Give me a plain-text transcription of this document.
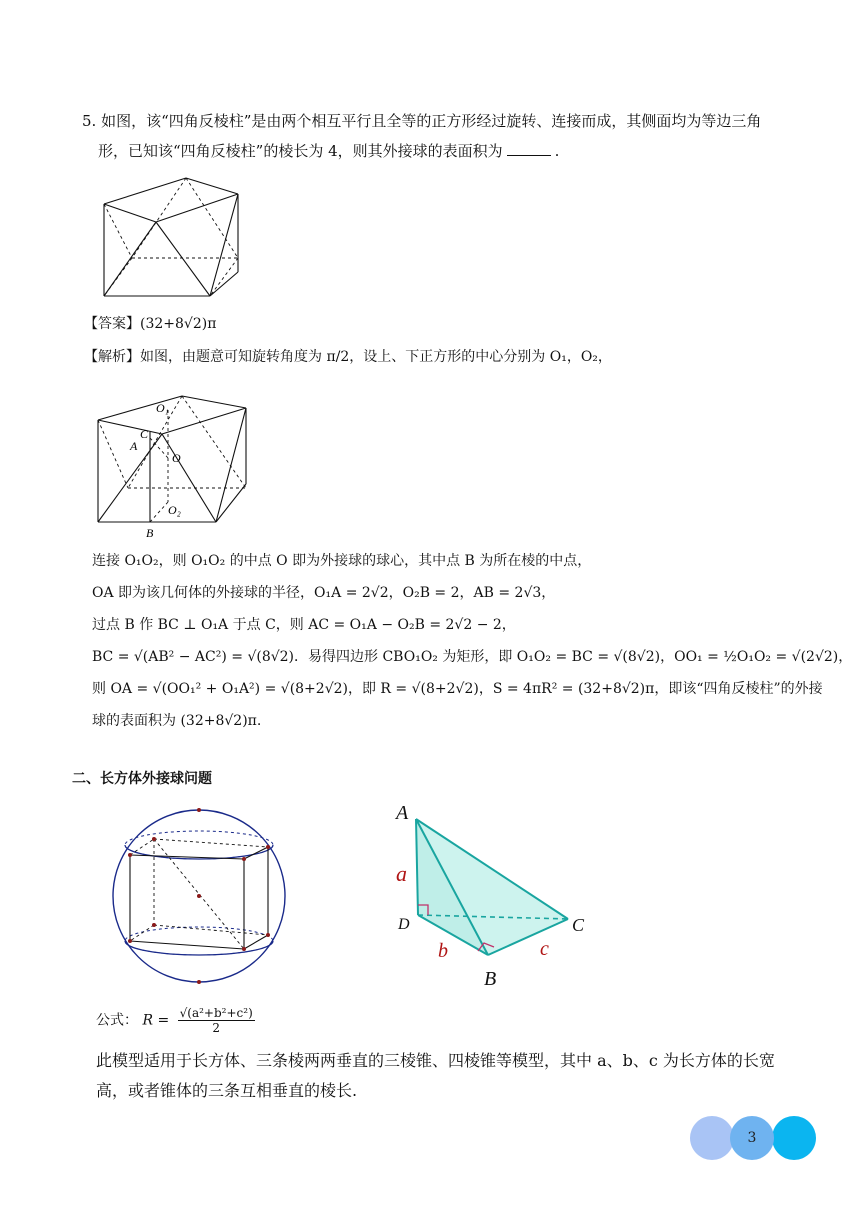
5. 如图，该“四角反棱柱”是由两个相互平行且全等的正方形经过旋转、连接而成，其侧面均为等边三角
形，已知该“四角反棱柱”的棱长为 4，则其外接球的表面积为	.
【答案】(32+8√2)π
【解析】如图，由题意可知旋转角度为 π/2，设上、下正方形的中心分别为 O₁，O₂，
O₁
C
A
O
O₂
B
连接 O₁O₂，则 O₁O₂ 的中点 O 即为外接球的球心，其中点 B 为所在棱的中点，
OA 即为该几何体的外接球的半径，O₁A = 2√2，O₂B = 2，AB = 2√3，
过点 B 作 BC ⊥ O₁A 于点 C，则 AC = O₁A − O₂B = 2√2 − 2，
BC = √(AB² − AC²) = √(8√2)．易得四边形 CBO₁O₂ 为矩形，即 O₁O₂ = BC = √(8√2)，OO₁ = ½O₁O₂ = √(2√2)，
则 OA = √(OO₁² + O₁A²) = √(8+2√2)，即 R = √(8+2√2)，S = 4πR² = (32+8√2)π，即该“四角反棱柱”的外接
球的表面积为 (32+8√2)π.
二、长方体外接球问题
A
a
D	C
b	c
B
公式： $R = \frac{\text{√(a²+b²+c²)}}{2}$
此模型适用于长方体、三条棱两两垂直的三棱锥、四棱锥等模型，其中 a、b、c 为长方体的长宽
高，或者锥体的三条互相垂直的棱长.
3
